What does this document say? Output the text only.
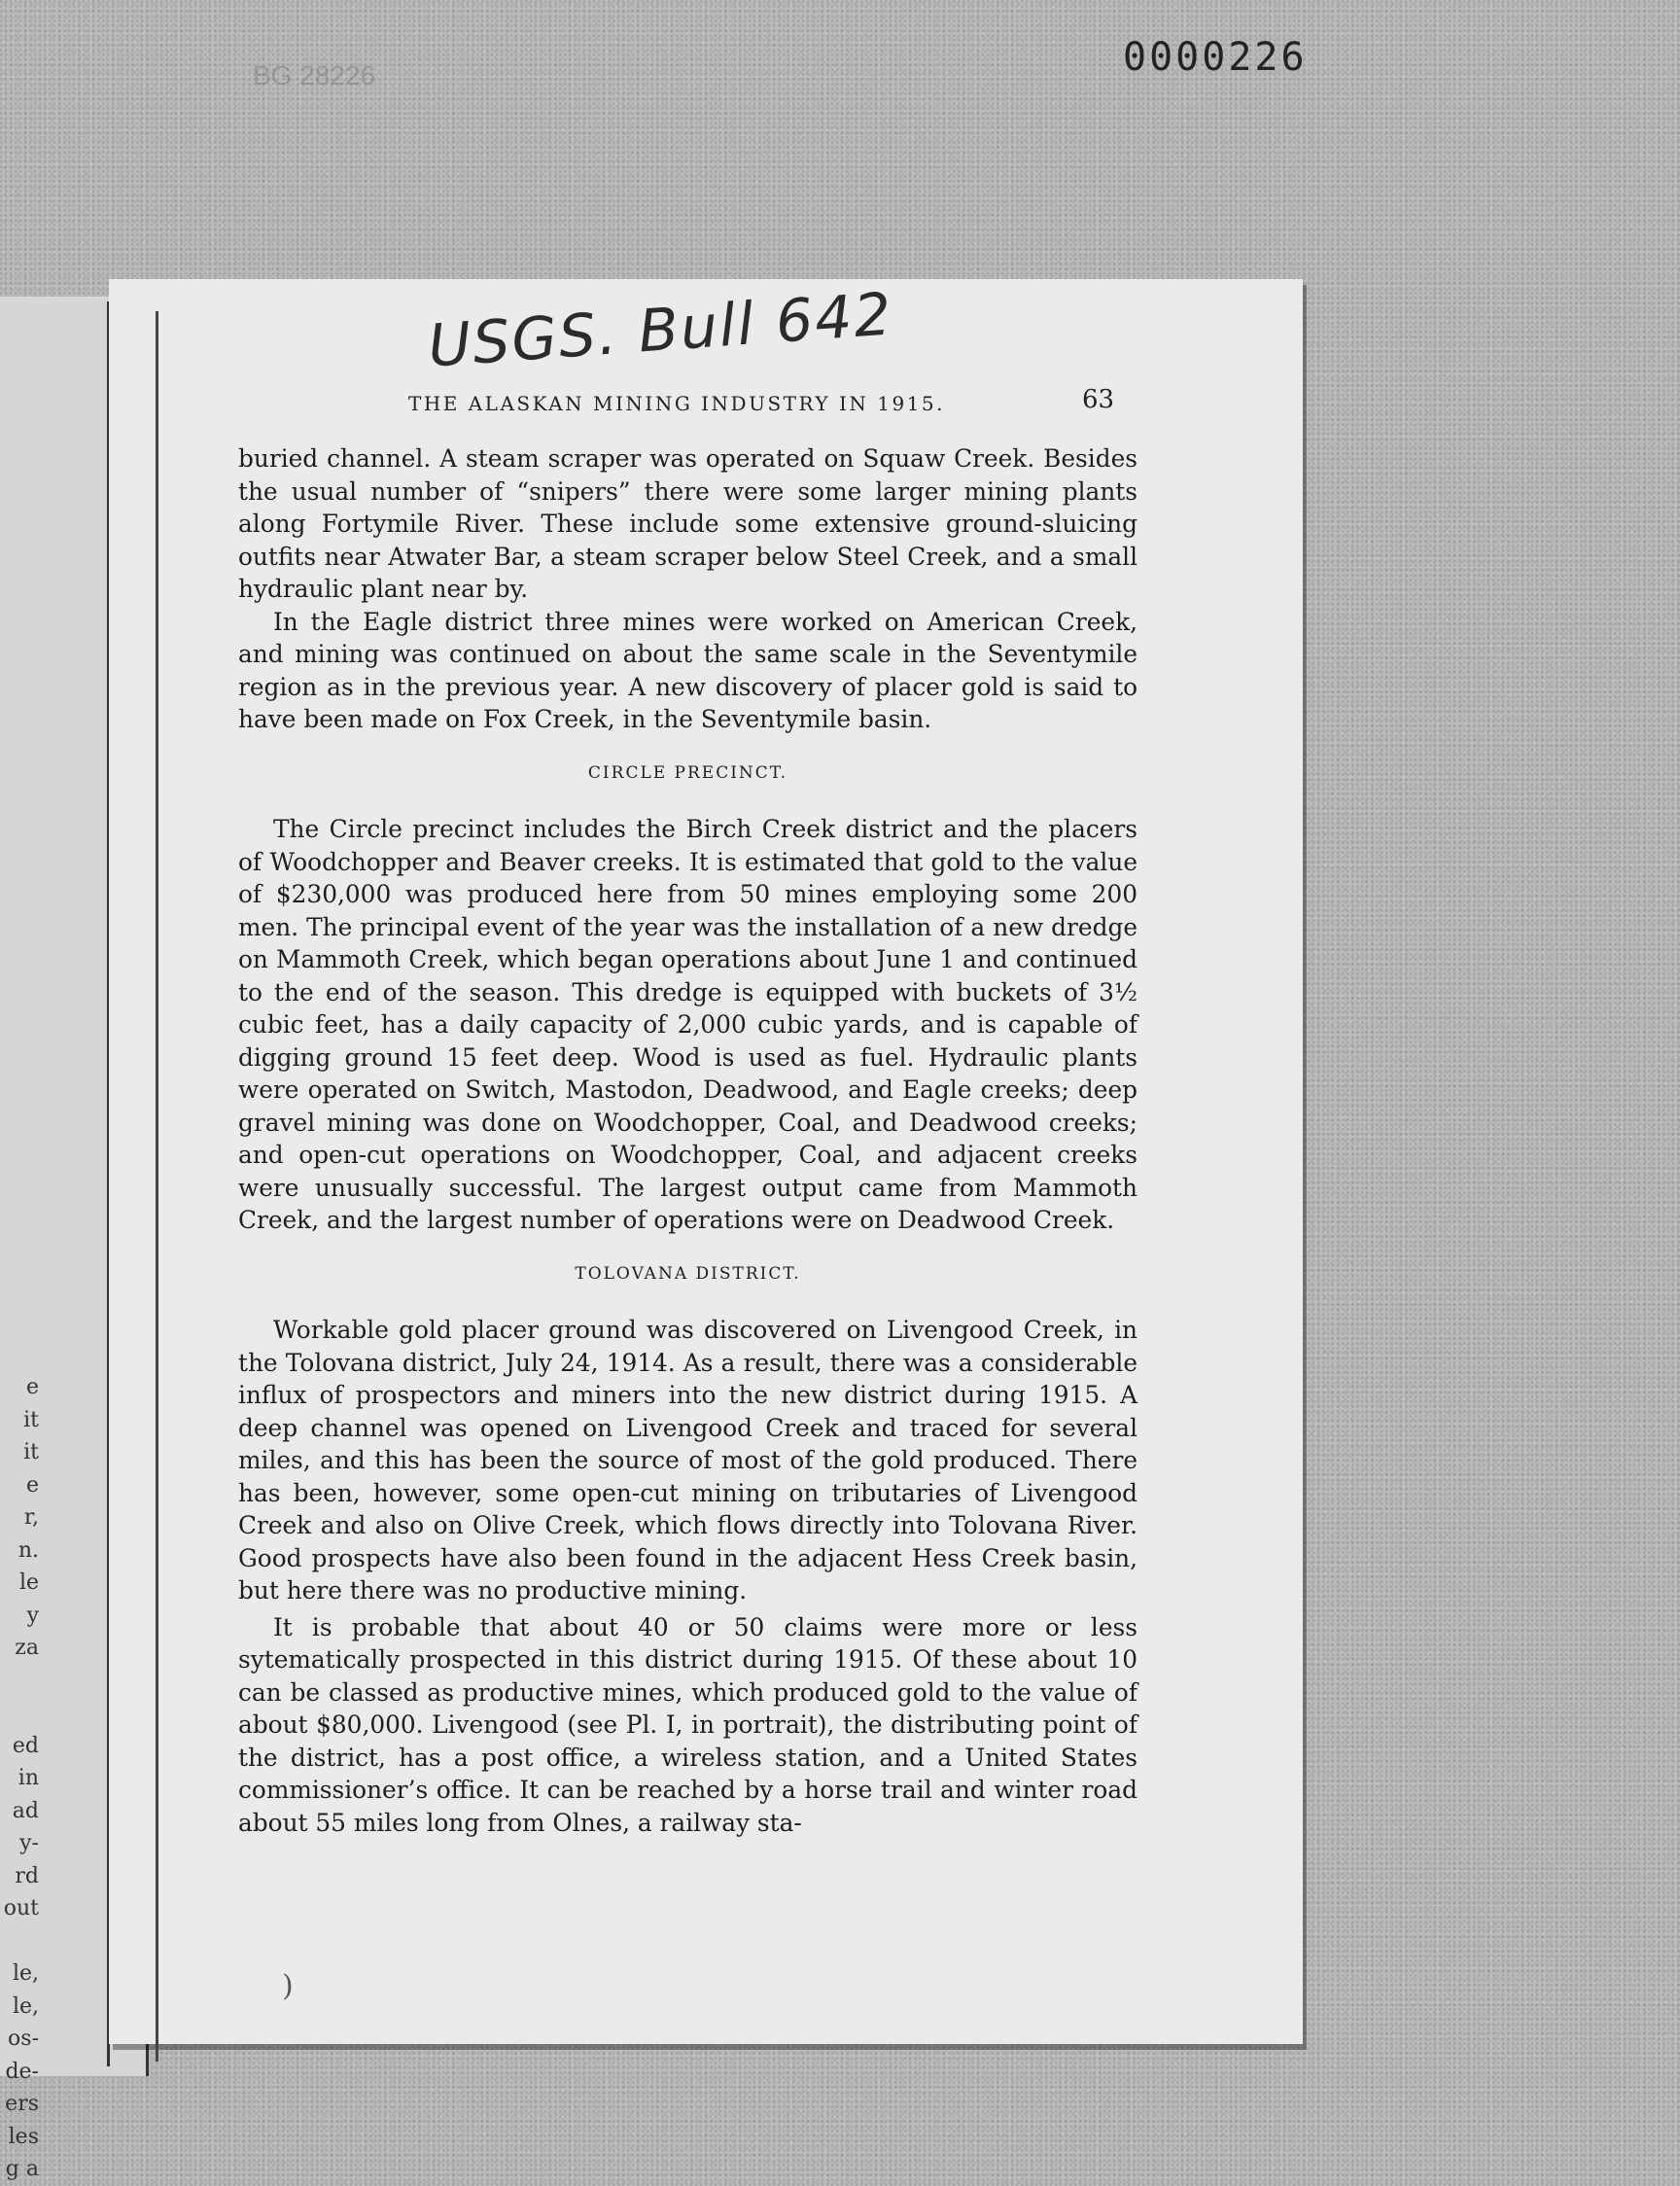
0000226
BG 28226
e
it
it
e
r,
n.
le
y
za

ed
in
ad
y-
rd
out

le,
le,
os-
de-
ers
les
g a
USGS. Bull 642
THE ALASKAN MINING INDUSTRY IN 1915.	63

buried channel. A steam scraper was operated on Squaw Creek. Besides the usual number of “snipers” there were some larger mining plants along Fortymile River. These include some extensive ground-sluicing outfits near Atwater Bar, a steam scraper below Steel Creek, and a small hydraulic plant near by.

In the Eagle district three mines were worked on American Creek, and mining was continued on about the same scale in the Seventymile region as in the previous year. A new discovery of placer gold is said to have been made on Fox Creek, in the Seventymile basin.

CIRCLE PRECINCT.

The Circle precinct includes the Birch Creek district and the placers of Woodchopper and Beaver creeks. It is estimated that gold to the value of $230,000 was produced here from 50 mines employing some 200 men. The principal event of the year was the installation of a new dredge on Mammoth Creek, which began operations about June 1 and continued to the end of the season. This dredge is equipped with buckets of 3½ cubic feet, has a daily capacity of 2,000 cubic yards, and is capable of digging ground 15 feet deep. Wood is used as fuel. Hydraulic plants were operated on Switch, Mastodon, Deadwood, and Eagle creeks; deep gravel mining was done on Woodchopper, Coal, and Deadwood creeks; and open-cut operations on Woodchopper, Coal, and adjacent creeks were unusually successful. The largest output came from Mammoth Creek, and the largest number of operations were on Deadwood Creek.

TOLOVANA DISTRICT.

Workable gold placer ground was discovered on Livengood Creek, in the Tolovana district, July 24, 1914. As a result, there was a considerable influx of prospectors and miners into the new district during 1915. A deep channel was opened on Livengood Creek and traced for several miles, and this has been the source of most of the gold produced. There has been, however, some open-cut mining on tributaries of Livengood Creek and also on Olive Creek, which flows directly into Tolovana River. Good prospects have also been found in the adjacent Hess Creek basin, but here there was no productive mining.

It is probable that about 40 or 50 claims were more or less sytematically prospected in this district during 1915. Of these about 10 can be classed as productive mines, which produced gold to the value of about $80,000. Livengood (see Pl. I, in portrait), the distributing point of the district, has a post office, a wireless station, and a United States commissioner’s office. It can be reached by a horse trail and winter road about 55 miles long from Olnes, a railway sta-

)
